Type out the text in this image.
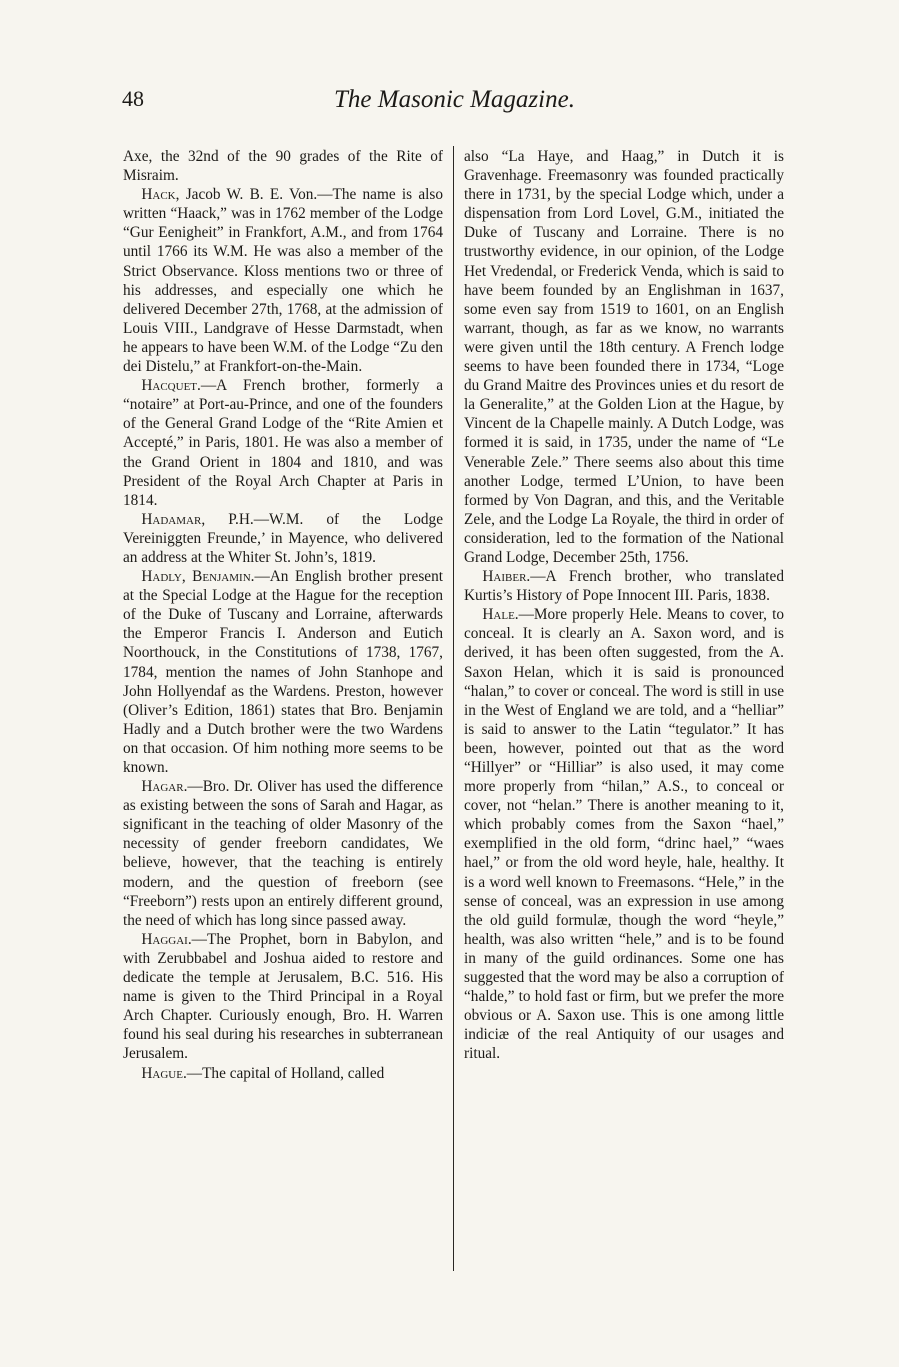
48	The Masonic Magazine.

Axe, the 32nd of the 90 grades of the Rite of Misraim.

Hack, Jacob W. B. E. Von.—The name is also written “Haack,” was in 1762 member of the Lodge “Gur Eenigheit” in Frankfort, A.M., and from 1764 until 1766 its W.M. He was also a member of the Strict Observance. Kloss mentions two or three of his addresses, and especially one which he delivered December 27th, 1768, at the admission of Louis VIII., Landgrave of Hesse Darmstadt, when he appears to have been W.M. of the Lodge “Zu den dei Distelu,” at Frankfort-on-the-Main.

Hacquet.—A French brother, formerly a “notaire” at Port-au-Prince, and one of the founders of the General Grand Lodge of the “Rite Amien et Accepté,” in Paris, 1801. He was also a member of the Grand Orient in 1804 and 1810, and was President of the Royal Arch Chapter at Paris in 1814.

Hadamar, P.H.—W.M. of the Lodge Vereiniggten Freunde,’ in Mayence, who delivered an address at the Whiter St. John’s, 1819.

Hadly, Benjamin.—An English brother present at the Special Lodge at the Hague for the reception of the Duke of Tuscany and Lorraine, afterwards the Emperor Francis I. Anderson and Eutich Noorthouck, in the Constitutions of 1738, 1767, 1784, mention the names of John Stanhope and John Hollyendaf as the Wardens. Preston, however (Oliver’s Edition, 1861) states that Bro. Benjamin Hadly and a Dutch brother were the two Wardens on that occasion. Of him nothing more seems to be known.

Hagar.—Bro. Dr. Oliver has used the difference as existing between the sons of Sarah and Hagar, as significant in the teaching of older Masonry of the necessity of gender freeborn candidates, We believe, however, that the teaching is entirely modern, and the question of freeborn (see “Freeborn”) rests upon an entirely different ground, the need of which has long since passed away.

Haggai.—The Prophet, born in Babylon, and with Zerubbabel and Joshua aided to restore and dedicate the temple at Jerusalem, B.C. 516. His name is given to the Third Principal in a Royal Arch Chapter. Curiously enough, Bro. H. Warren found his seal during his researches in subterranean Jerusalem.

Hague.—The capital of Holland, called

also “La Haye, and Haag,” in Dutch it is Gravenhage. Freemasonry was founded practically there in 1731, by the special Lodge which, under a dispensation from Lord Lovel, G.M., initiated the Duke of Tuscany and Lorraine. There is no trustworthy evidence, in our opinion, of the Lodge Het Vredendal, or Frederick Venda, which is said to have beem founded by an Englishman in 1637, some even say from 1519 to 1601, on an English warrant, though, as far as we know, no warrants were given until the 18th century. A French lodge seems to have been founded there in 1734, “Loge du Grand Maitre des Provinces unies et du resort de la Generalite,” at the Golden Lion at the Hague, by Vincent de la Chapelle mainly. A Dutch Lodge, was formed it is said, in 1735, under the name of “Le Venerable Zele.” There seems also about this time another Lodge, termed L’Union, to have been formed by Von Dagran, and this, and the Veritable Zele, and the Lodge La Royale, the third in order of consideration, led to the formation of the National Grand Lodge, December 25th, 1756.

Haiber.—A French brother, who translated Kurtis’s History of Pope Innocent III. Paris, 1838.

Hale.—More properly Hele. Means to cover, to conceal. It is clearly an A. Saxon word, and is derived, it has been often suggested, from the A. Saxon Helan, which it is said is pronounced “halan,” to cover or conceal. The word is still in use in the West of England we are told, and a “helliar” is said to answer to the Latin “tegulator.” It has been, however, pointed out that as the word “Hillyer” or “Hilliar” is also used, it may come more properly from “hilan,” A.S., to conceal or cover, not “helan.” There is another meaning to it, which probably comes from the Saxon “hael,” exemplified in the old form, “drinc hael,” “waes hael,” or from the old word heyle, hale, healthy. It is a word well known to Freemasons. “Hele,” in the sense of conceal, was an expression in use among the old guild formulæ, though the word “heyle,” health, was also written “hele,” and is to be found in many of the guild ordinances. Some one has suggested that the word may be also a corruption of “halde,” to hold fast or firm, but we prefer the more obvious or A. Saxon use. This is one among little indiciæ of the real Antiquity of our usages and ritual.
